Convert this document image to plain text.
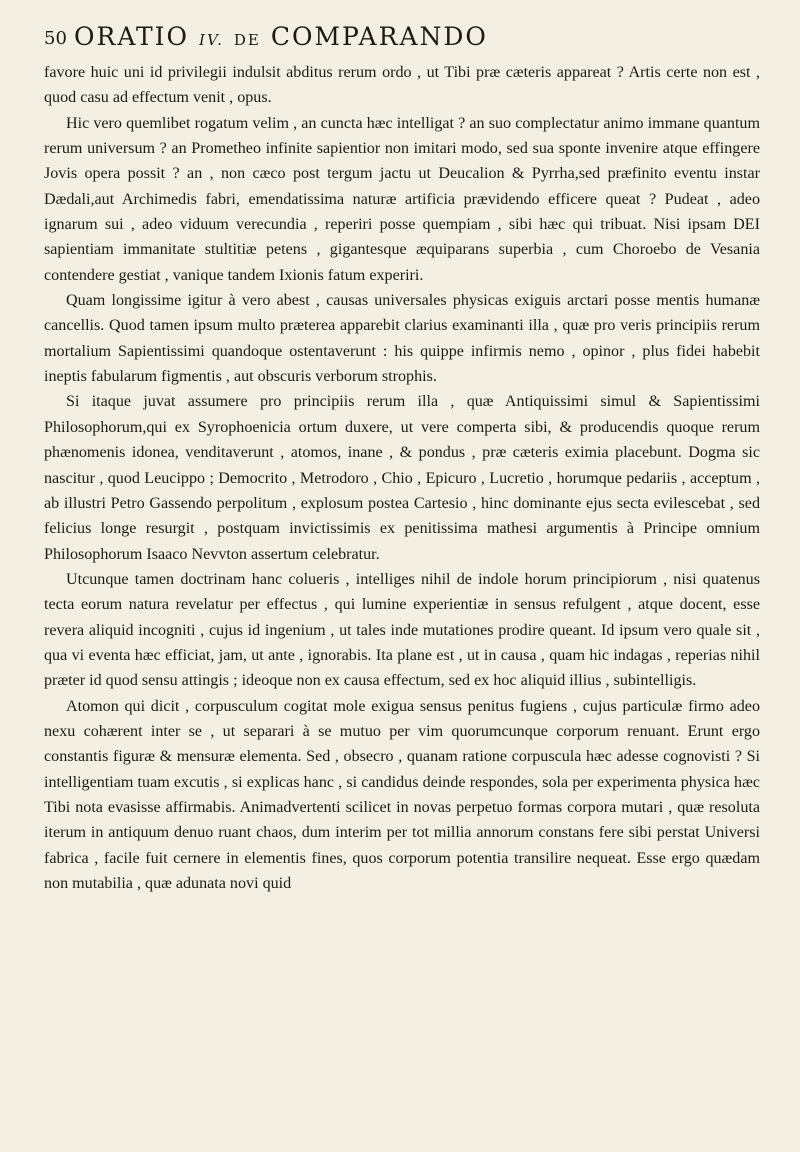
50 ORATIO IV. DE COMPARANDO

favore huic uni id privilegii indulsit abditus rerum ordo , ut Tibi præ cæteris appareat ? Artis certe non est , quod casu ad effectum venit , opus.

Hic vero quemlibet rogatum velim , an cuncta hæc intelligat ? an suo complectatur animo immane quantum rerum universum ? an Prometheo infinite sapientior non imitari modo, sed sua sponte invenire atque effingere Jovis opera possit ? an , non cæco post tergum jactu ut Deucalion & Pyrrha,sed præfinito eventu instar Dædali,aut Archimedis fabri, emendatissima naturæ artificia prævidendo efficere queat ? Pudeat , adeo ignarum sui , adeo viduum verecundia , reperiri posse quempiam , sibi hæc qui tribuat. Nisi ipsam DEI sapientiam immanitate stultitiæ petens , gigantesque æquiparans superbia , cum Choroebo de Vesania contendere gestiat , vanique tandem Ixionis fatum experiri.

Quam longissime igitur à vero abest , causas universales physicas exiguis arctari posse mentis humanæ cancellis. Quod tamen ipsum multo præterea apparebit clarius examinanti illa , quæ pro veris principiis rerum mortalium Sapientissimi quandoque ostentaverunt : his quippe infirmis nemo , opinor , plus fidei habebit ineptis fabularum figmentis , aut obscuris verborum strophis.

Si itaque juvat assumere pro principiis rerum illa , quæ Antiquissimi simul & Sapientissimi Philosophorum,qui ex Syrophoenicia ortum duxere, ut vere comperta sibi, & producendis quoque rerum phænomenis idonea, venditaverunt , atomos, inane , & pondus , præ cæteris eximia placebunt. Dogma sic nascitur , quod Leucippo ; Democrito , Metrodoro , Chio , Epicuro , Lucretio , horumque pedariis , acceptum , ab illustri Petro Gassendo perpolitum , explosum postea Cartesio , hinc dominante ejus secta evilescebat , sed felicius longe resurgit , postquam invictissimis ex penitissima mathesi argumentis à Principe omnium Philosophorum Isaaco Nevvton assertum celebratur.

Utcunque tamen doctrinam hanc colueris , intelliges nihil de indole horum principiorum , nisi quatenus tecta eorum natura revelatur per effectus , qui lumine experientiæ in sensus refulgent , atque docent, esse revera aliquid incogniti , cujus id ingenium , ut tales inde mutationes prodire queant. Id ipsum vero quale sit , qua vi eventa hæc efficiat, jam, ut ante , ignorabis. Ita plane est , ut in causa , quam hic indagas , reperias nihil præter id quod sensu attingis ; ideoque non ex causa effectum, sed ex hoc aliquid illius , subintelligis.

Atomon qui dicit , corpusculum cogitat mole exigua sensus penitus fugiens , cujus particulæ firmo adeo nexu cohærent inter se , ut separari à se mutuo per vim quorumcunque corporum renuant. Erunt ergo constantis figuræ & mensuræ elementa. Sed , obsecro , quanam ratione corpuscula hæc adesse cognovisti ? Si intelligentiam tuam excutis , si explicas hanc , si candidus deinde respondes, sola per experimenta physica hæc Tibi nota evasisse affirmabis. Animadvertenti scilicet in novas perpetuo formas corpora mutari , quæ resoluta iterum in antiquum denuo ruant chaos, dum interim per tot millia annorum constans fere sibi perstat Universi fabrica , facile fuit cernere in elementis fines, quos corporum potentia transilire nequeat. Esse ergo quædam non mutabilia , quæ adunata novi quid
